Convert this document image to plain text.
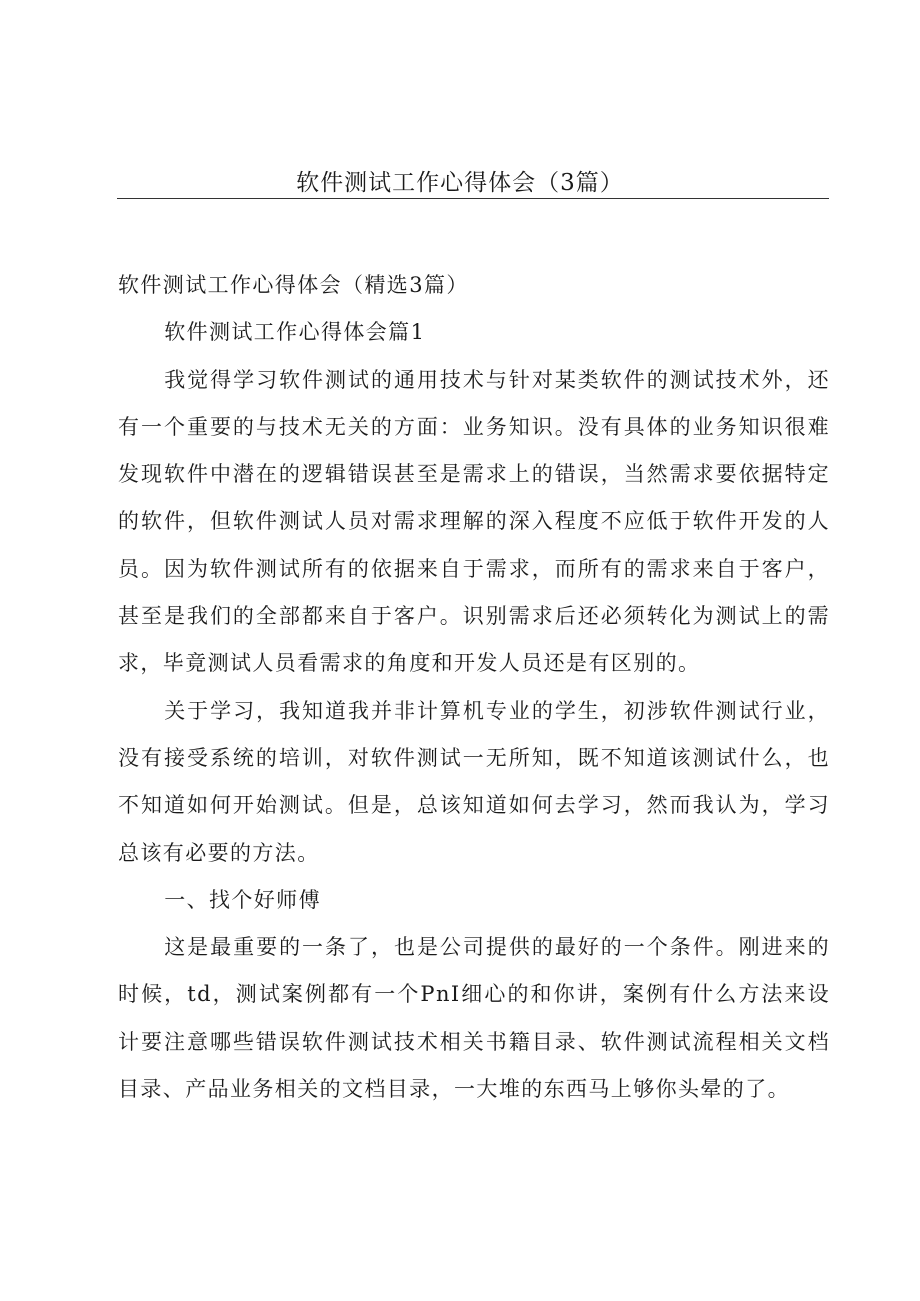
软件测试工作心得体会（3篇）

软件测试工作心得体会（精选3篇）

软件测试工作心得体会篇1

我觉得学习软件测试的通用技术与针对某类软件的测试技术外，还有一个重要的与技术无关的方面：业务知识。没有具体的业务知识很难发现软件中潜在的逻辑错误甚至是需求上的错误，当然需求要依据特定的软件，但软件测试人员对需求理解的深入程度不应低于软件开发的人员。因为软件测试所有的依据来自于需求，而所有的需求来自于客户，甚至是我们的全部都来自于客户。识别需求后还必须转化为测试上的需求，毕竟测试人员看需求的角度和开发人员还是有区别的。

关于学习，我知道我并非计算机专业的学生，初涉软件测试行业，没有接受系统的培训，对软件测试一无所知，既不知道该测试什么，也不知道如何开始测试。但是，总该知道如何去学习，然而我认为，学习总该有必要的方法。

一、找个好师傅

这是最重要的一条了，也是公司提供的最好的一个条件。刚进来的时候，td，测试案例都有一个PnI细心的和你讲，案例有什么方法来设计要注意哪些错误软件测试技术相关书籍目录、软件测试流程相关文档目录、产品业务相关的文档目录，一大堆的东西马上够你头晕的了。
